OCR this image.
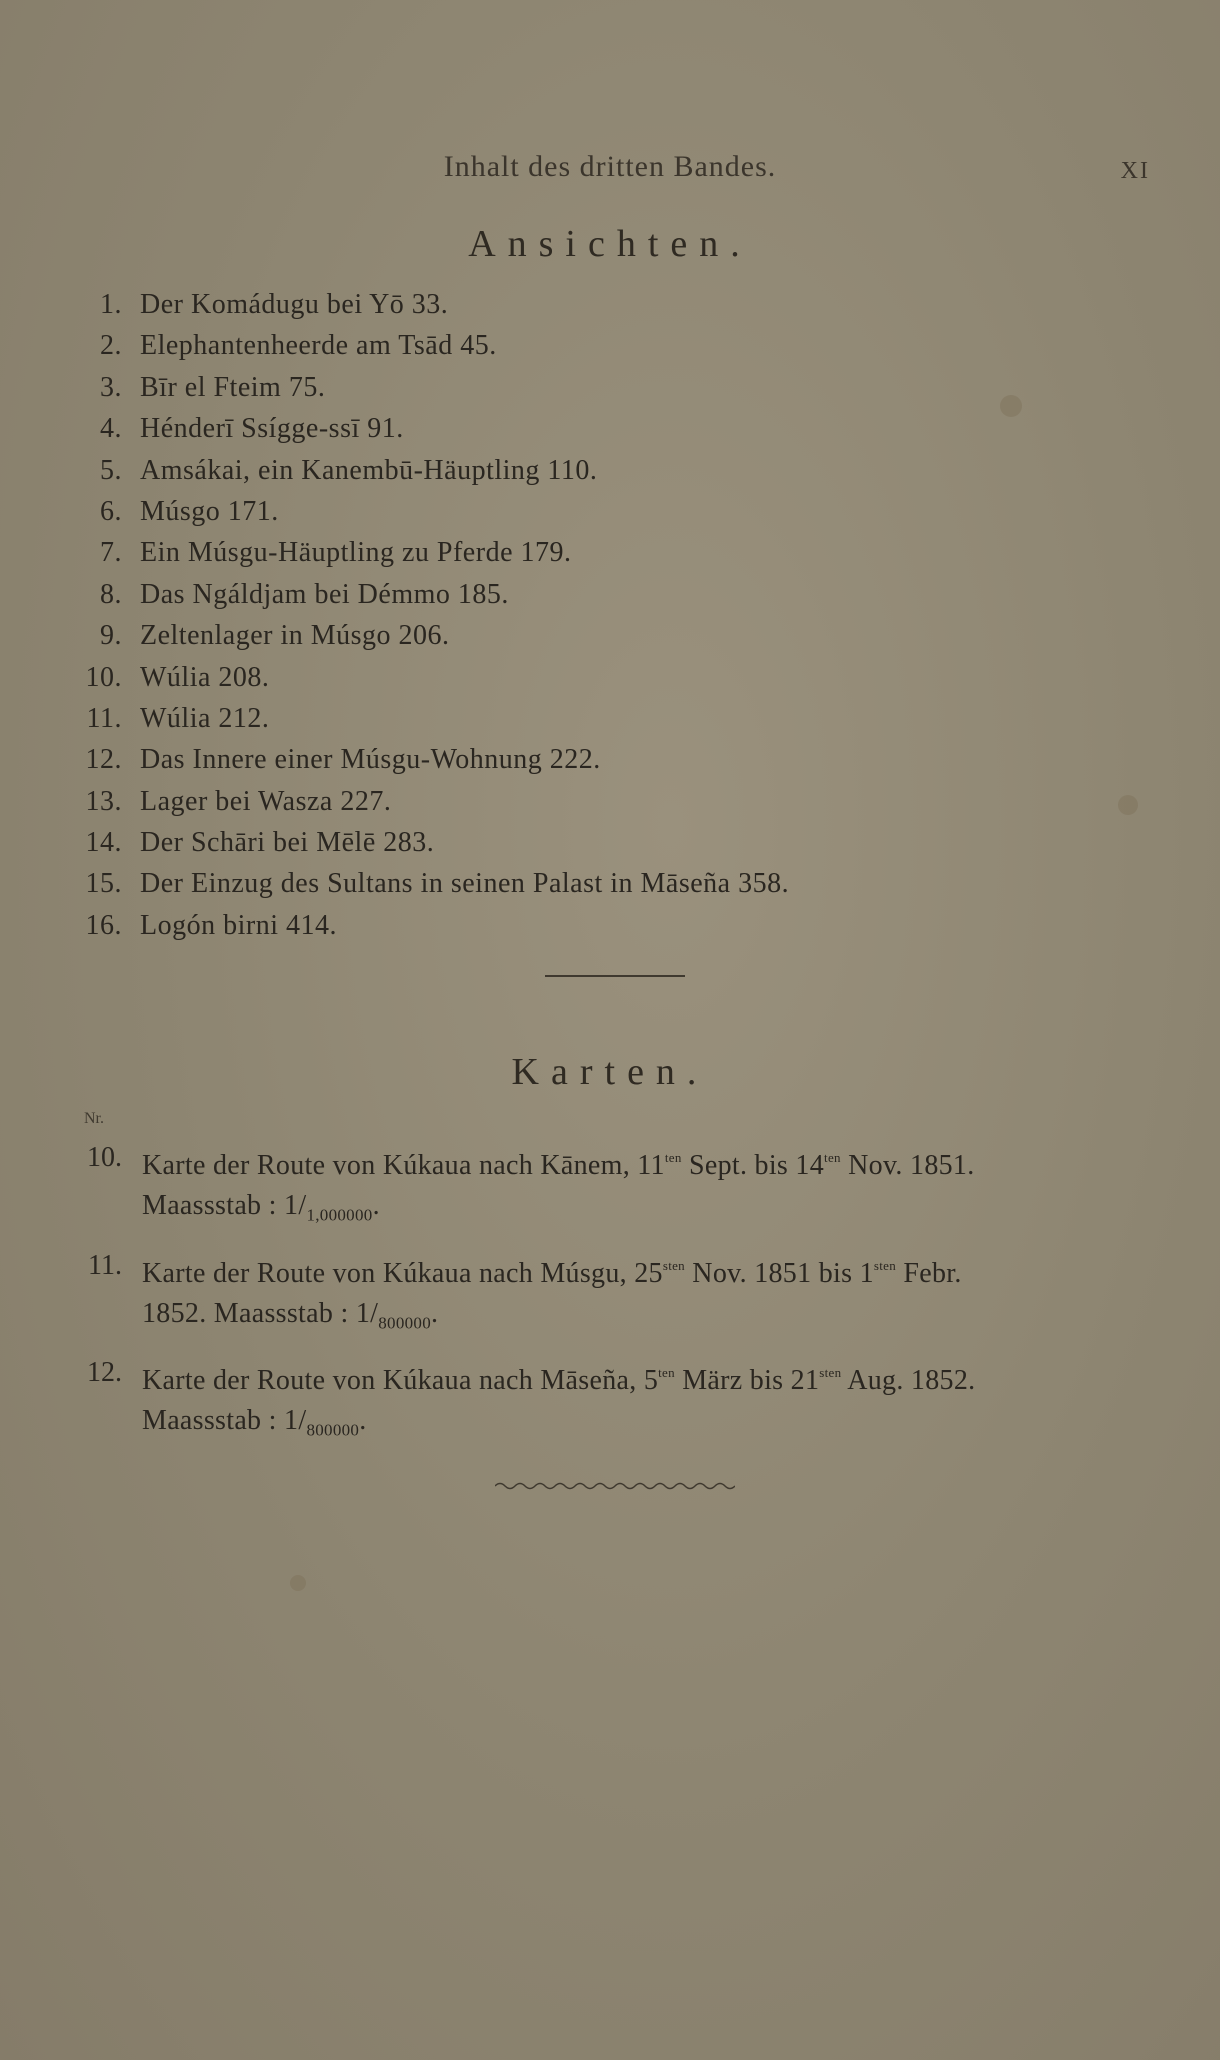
Inhalt des dritten Bandes.	XI
Ansichten.
1. Der Komádugu bei Yō 33.
2. Elephantenheerde am Tsād 45.
3. Bīr el Fteim 75.
4. Hénderī Ssígge-ssī 91.
5. Amsákai, ein Kanembū-Häuptling 110.
6. Músgo 171.
7. Ein Músgu-Häuptling zu Pferde 179.
8. Das Ngáldjam bei Démmo 185.
9. Zeltenlager in Músgo 206.
10. Wúlia 208.
11. Wúlia 212.
12. Das Innere einer Músgu-Wohnung 222.
13. Lager bei Wasza 227.
14. Der Schāri bei Mēlē 283.
15. Der Einzug des Sultans in seinen Palast in Māseña 358.
16. Logón birni 414.
Karten.
Nr.
10. Karte der Route von Kúkaua nach Kānem, $11^{ten}$ Sept. bis $14^{ten}$ Nov. 1851.
Maassstab : $1/_{1,000000}$.
11. Karte der Route von Kúkaua nach Músgu, $25^{sten}$ Nov. 1851 bis $1^{sten}$ Febr.
1852. Maassstab : $1/_{800000}$.
12. Karte der Route von Kúkaua nach Māseña, $5^{ten}$ März bis $21^{sten}$ Aug. 1852.
Maassstab : $1/_{800000}$.
